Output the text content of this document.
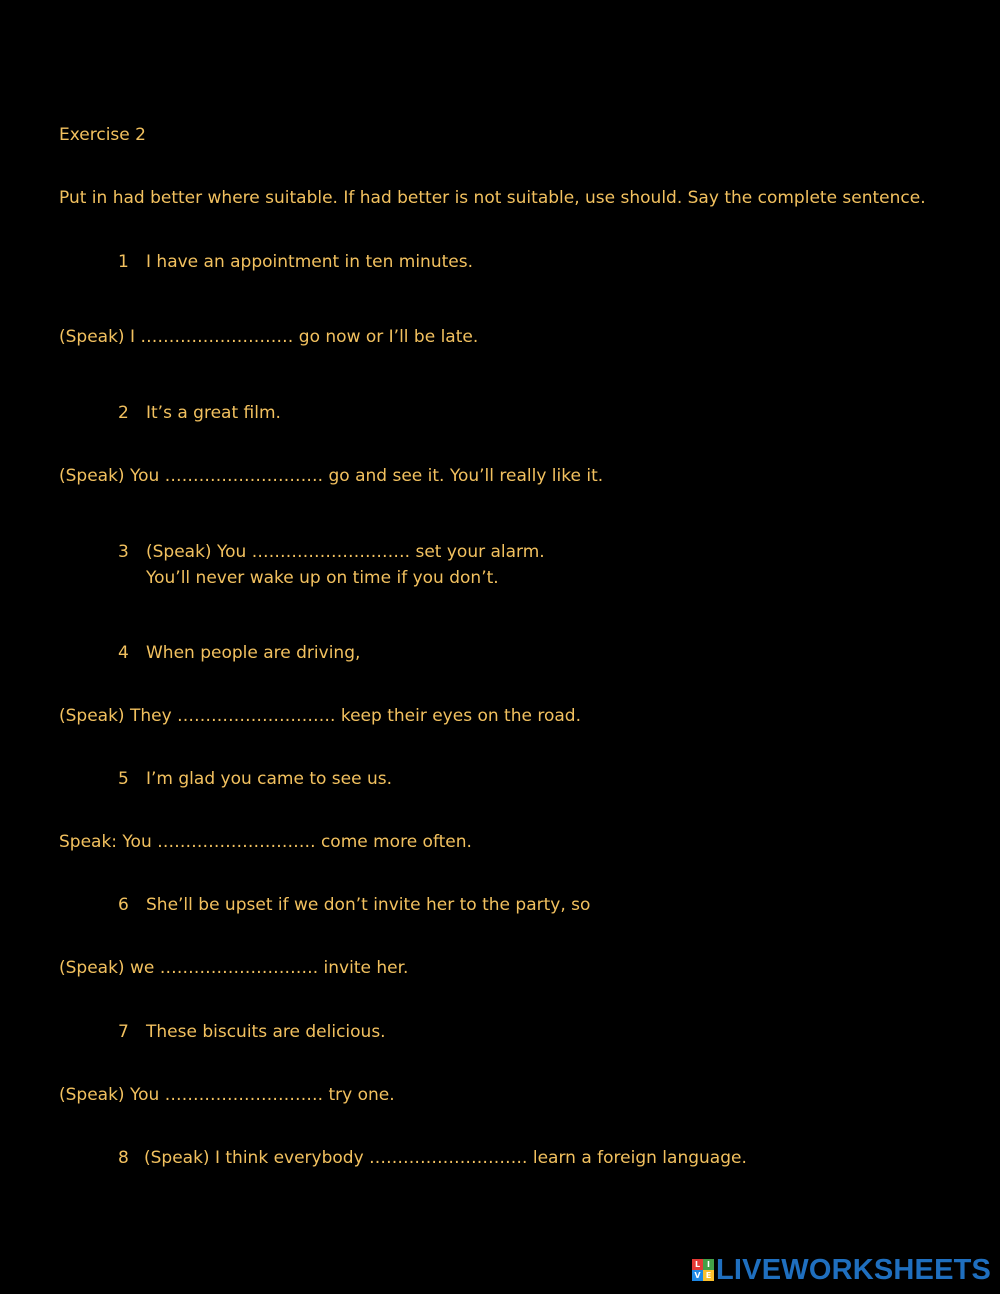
Exercise 2
Put in had better where suitable. If had better is not suitable, use should. Say the complete sentence.
1 I have an appointment in ten minutes.
(Speak) I ……………………… go now or I’ll be late.
2 It’s a great film.
(Speak) You ………………………. go and see it. You’ll really like it.
3 (Speak) You ………………………. set your alarm.
You’ll never wake up on time if you don’t.
4 When people are driving,
(Speak) They ………………………. keep their eyes on the road.
5 I’m glad you came to see us.
Speak: You ………………………. come more often.
6 She’ll be upset if we don’t invite her to the party, so
(Speak) we ………………………. invite her.
7 These biscuits are delicious.
(Speak) You ………………………. try one.
8 (Speak) I think everybody ………………………. learn a foreign language.
L I
V E LIVEWORKSHEETS
